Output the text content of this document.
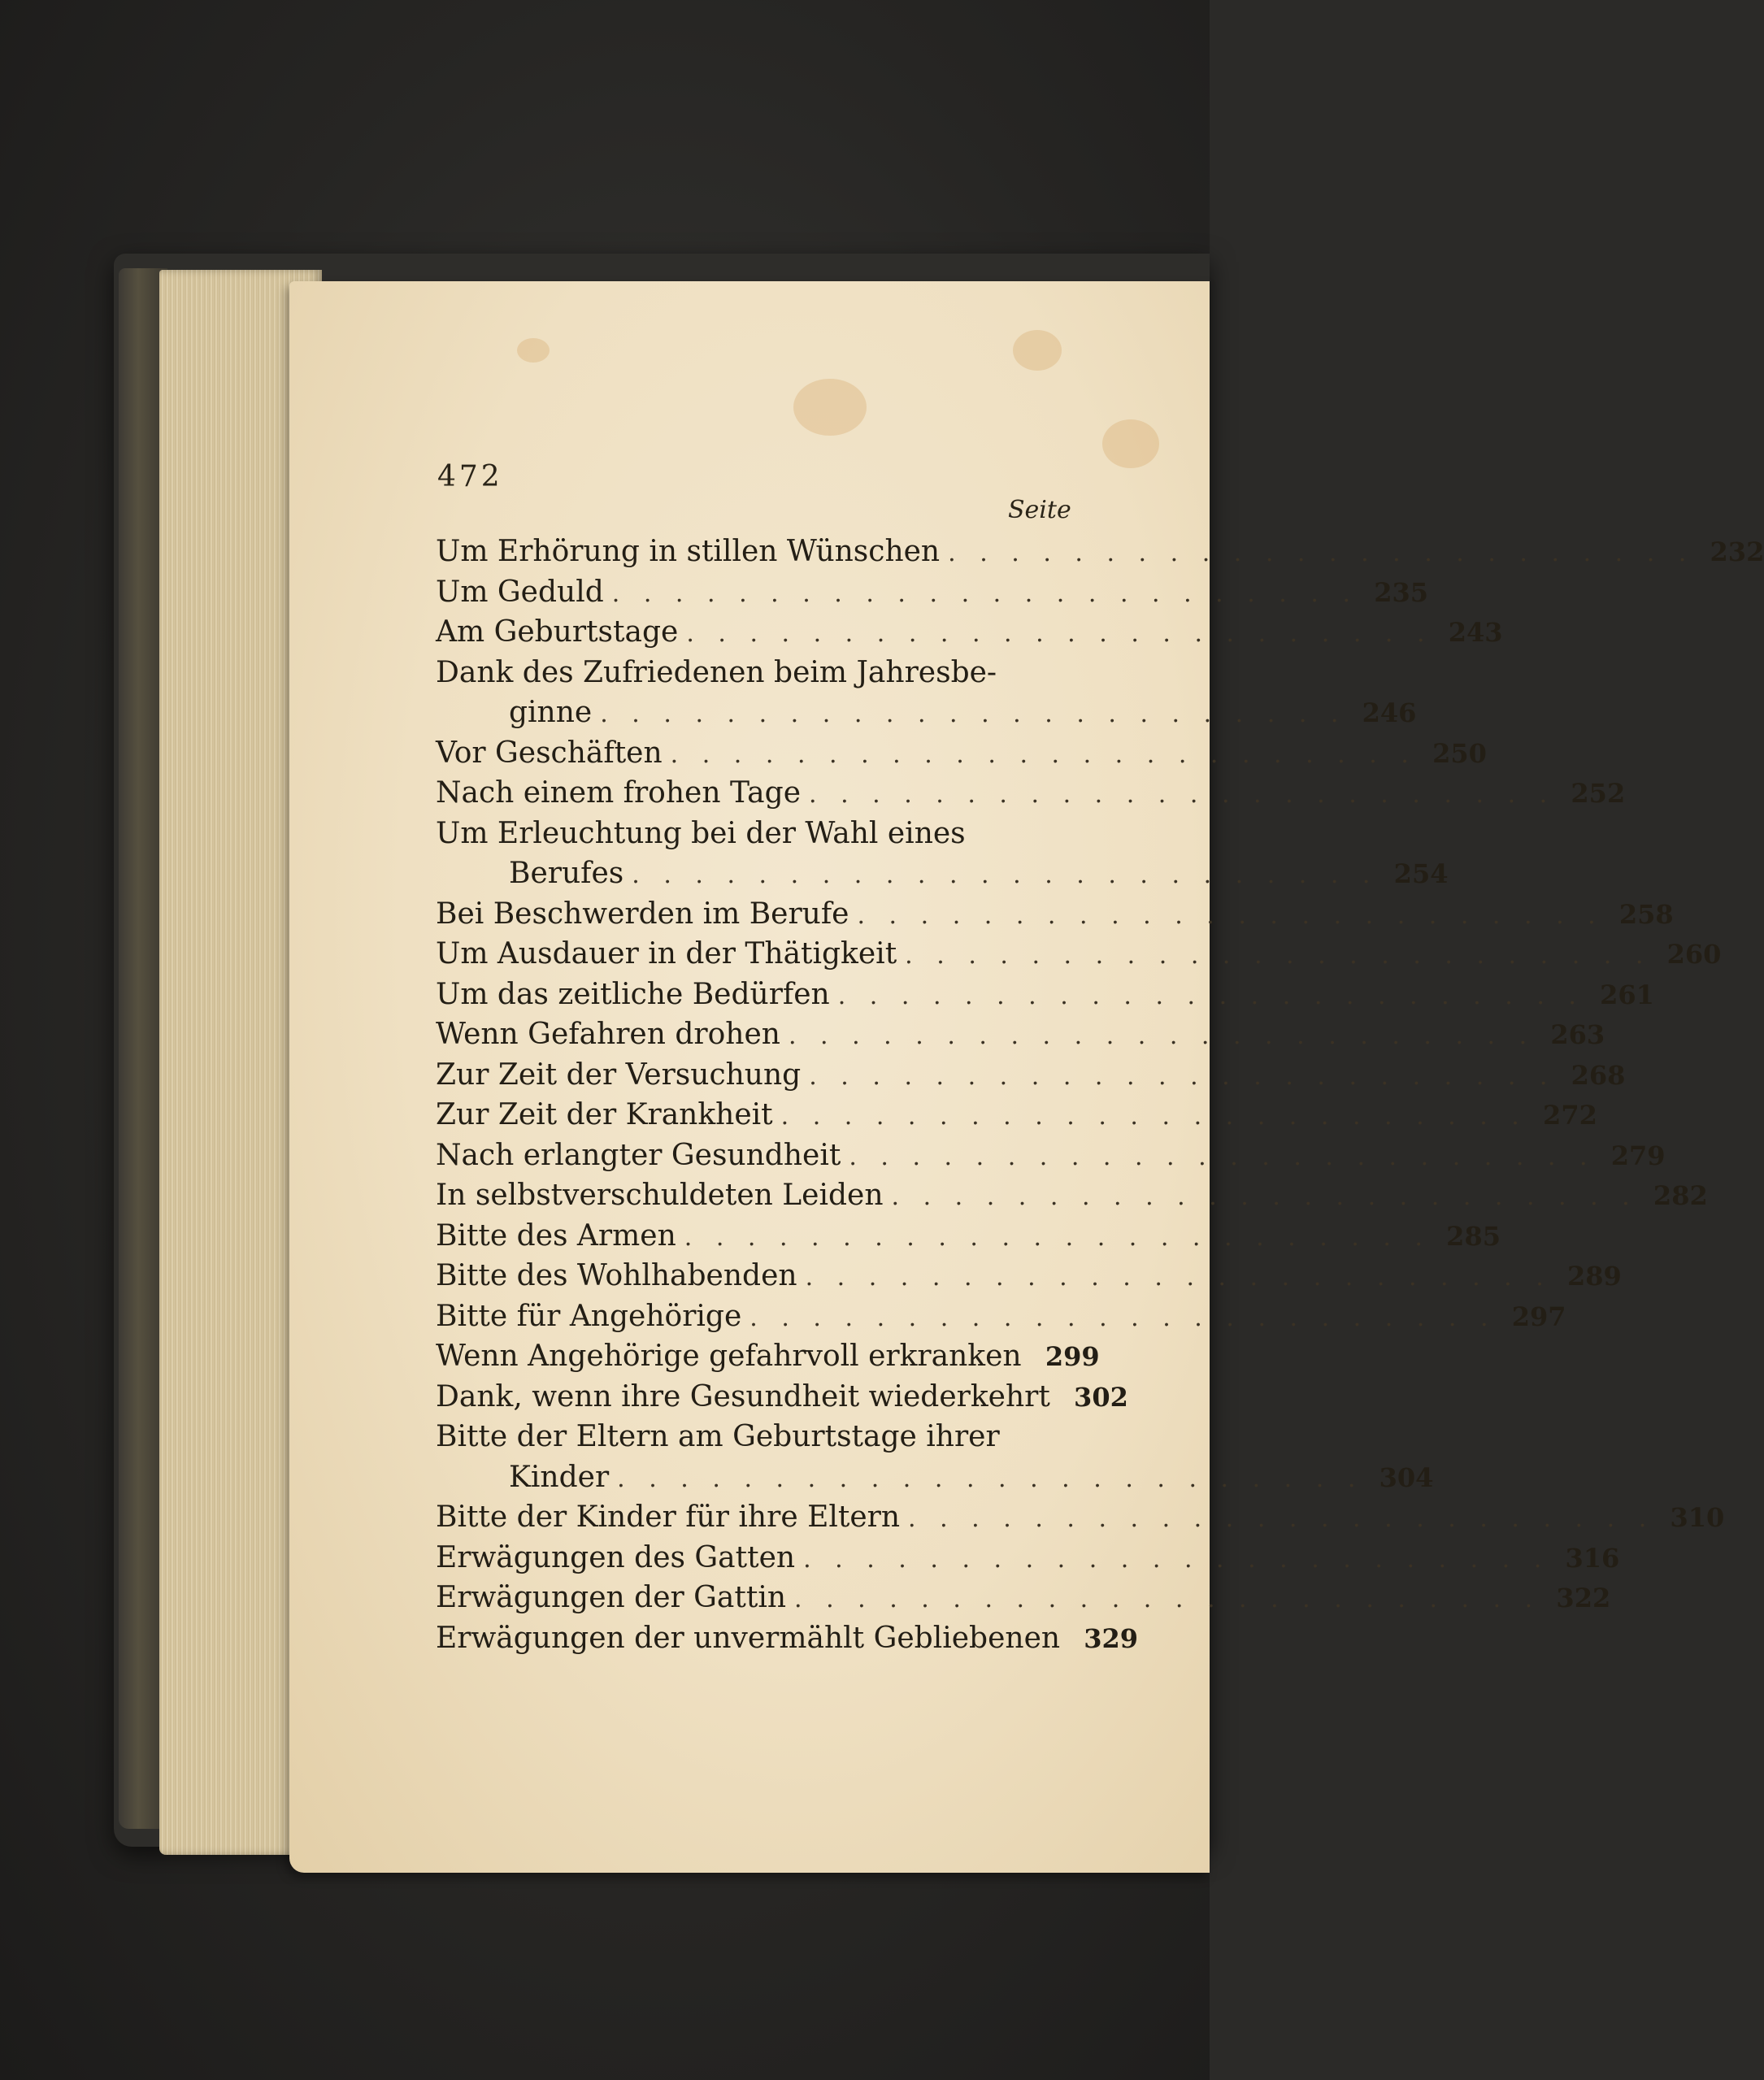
472
Seite
Um Erhörung in stillen Wünschen . . . . . . . . . . . . . . . . . . . . . . . . 232
Um Geduld . . . . . . . . . . . . . . . . . . . . . . . . 235
Am Geburtstage . . . . . . . . . . . . . . . . . . . . . . . . 243
Dank des Zufriedenen beim Jahresbe-
ginne . . . . . . . . . . . . . . . . . . . . . . . . 246
Vor Geschäften . . . . . . . . . . . . . . . . . . . . . . . . 250
Nach einem frohen Tage . . . . . . . . . . . . . . . . . . . . . . . . 252
Um Erleuchtung bei der Wahl eines
Berufes . . . . . . . . . . . . . . . . . . . . . . . . 254
Bei Beschwerden im Berufe . . . . . . . . . . . . . . . . . . . . . . . . 258
Um Ausdauer in der Thätigkeit . . . . . . . . . . . . . . . . . . . . . . . . 260
Um das zeitliche Bedürfen . . . . . . . . . . . . . . . . . . . . . . . . 261
Wenn Gefahren drohen . . . . . . . . . . . . . . . . . . . . . . . . 263
Zur Zeit der Versuchung . . . . . . . . . . . . . . . . . . . . . . . . 268
Zur Zeit der Krankheit . . . . . . . . . . . . . . . . . . . . . . . . 272
Nach erlangter Gesundheit . . . . . . . . . . . . . . . . . . . . . . . . 279
In selbstverschuldeten Leiden . . . . . . . . . . . . . . . . . . . . . . . . 282
Bitte des Armen . . . . . . . . . . . . . . . . . . . . . . . . 285
Bitte des Wohlhabenden . . . . . . . . . . . . . . . . . . . . . . . . 289
Bitte für Angehörige . . . . . . . . . . . . . . . . . . . . . . . . 297
Wenn Angehörige gefahrvoll erkranken 299
Dank, wenn ihre Gesundheit wiederkehrt 302
Bitte der Eltern am Geburtstage ihrer
Kinder . . . . . . . . . . . . . . . . . . . . . . . . 304
Bitte der Kinder für ihre Eltern . . . . . . . . . . . . . . . . . . . . . . . . 310
Erwägungen des Gatten . . . . . . . . . . . . . . . . . . . . . . . . 316
Erwägungen der Gattin . . . . . . . . . . . . . . . . . . . . . . . . 322
Erwägungen der unvermählt Gebliebenen 329
